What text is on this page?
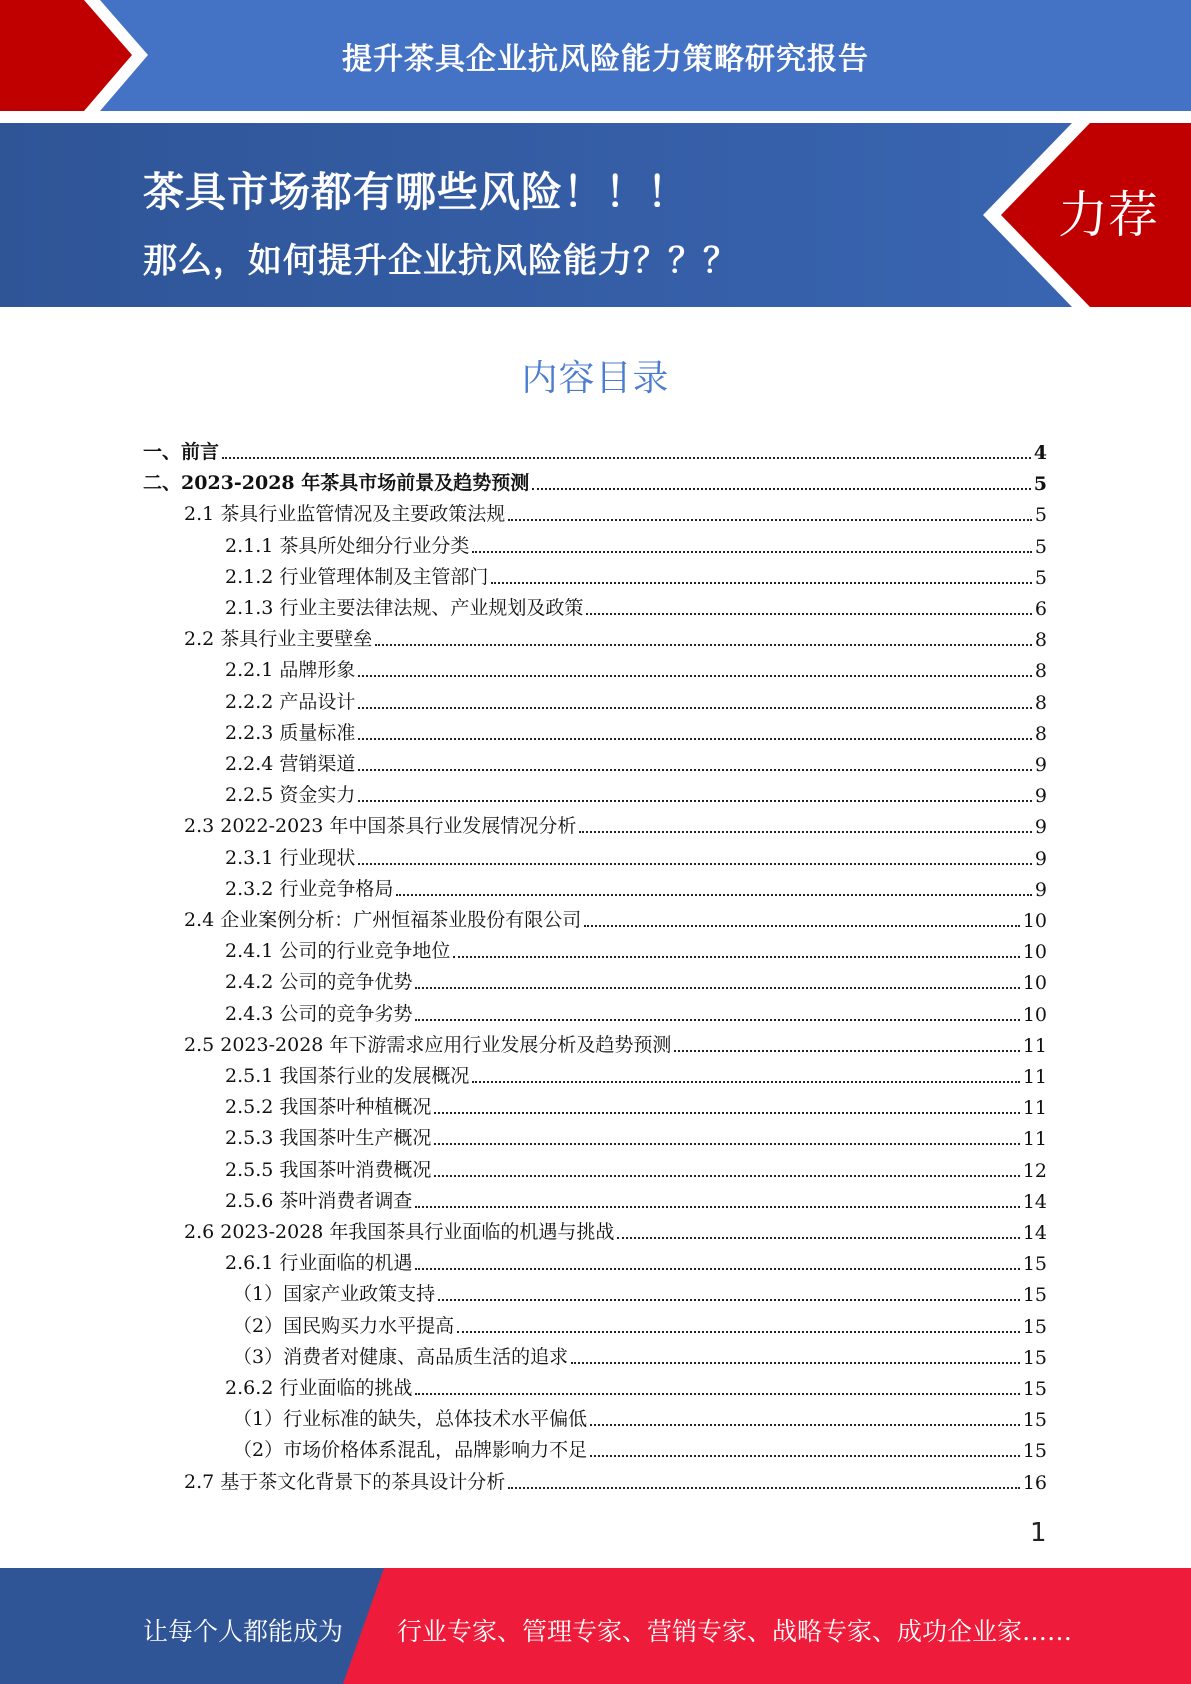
提升茶具企业抗风险能力策略研究报告
茶具市场都有哪些风险！！！
那么，如何提升企业抗风险能力？？？
力荐
内容目录
一、前言	4
二、2023-2028 年茶具市场前景及趋势预测	5
2.1 茶具行业监管情况及主要政策法规	5
2.1.1 茶具所处细分行业分类	5
2.1.2 行业管理体制及主管部门	5
2.1.3 行业主要法律法规、产业规划及政策	6
2.2 茶具行业主要壁垒	8
2.2.1 品牌形象	8
2.2.2 产品设计	8
2.2.3 质量标准	8
2.2.4 营销渠道	9
2.2.5 资金实力	9
2.3 2022-2023 年中国茶具行业发展情况分析	9
2.3.1 行业现状	9
2.3.2 行业竞争格局	9
2.4 企业案例分析：广州恒福茶业股份有限公司	10
2.4.1 公司的行业竞争地位	10
2.4.2 公司的竞争优势	10
2.4.3 公司的竞争劣势	10
2.5 2023-2028 年下游需求应用行业发展分析及趋势预测	11
2.5.1 我国茶行业的发展概况	11
2.5.2 我国茶叶种植概况	11
2.5.3 我国茶叶生产概况	11
2.5.5 我国茶叶消费概况	12
2.5.6 茶叶消费者调查	14
2.6 2023-2028 年我国茶具行业面临的机遇与挑战	14
2.6.1 行业面临的机遇	15
（1）国家产业政策支持	15
（2）国民购买力水平提高	15
（3）消费者对健康、高品质生活的追求	15
2.6.2 行业面临的挑战	15
（1）行业标准的缺失，总体技术水平偏低	15
（2）市场价格体系混乱，品牌影响力不足	15
2.7 基于茶文化背景下的茶具设计分析	16
1
让每个人都能成为 行业专家、管理专家、营销专家、战略专家、成功企业家……
